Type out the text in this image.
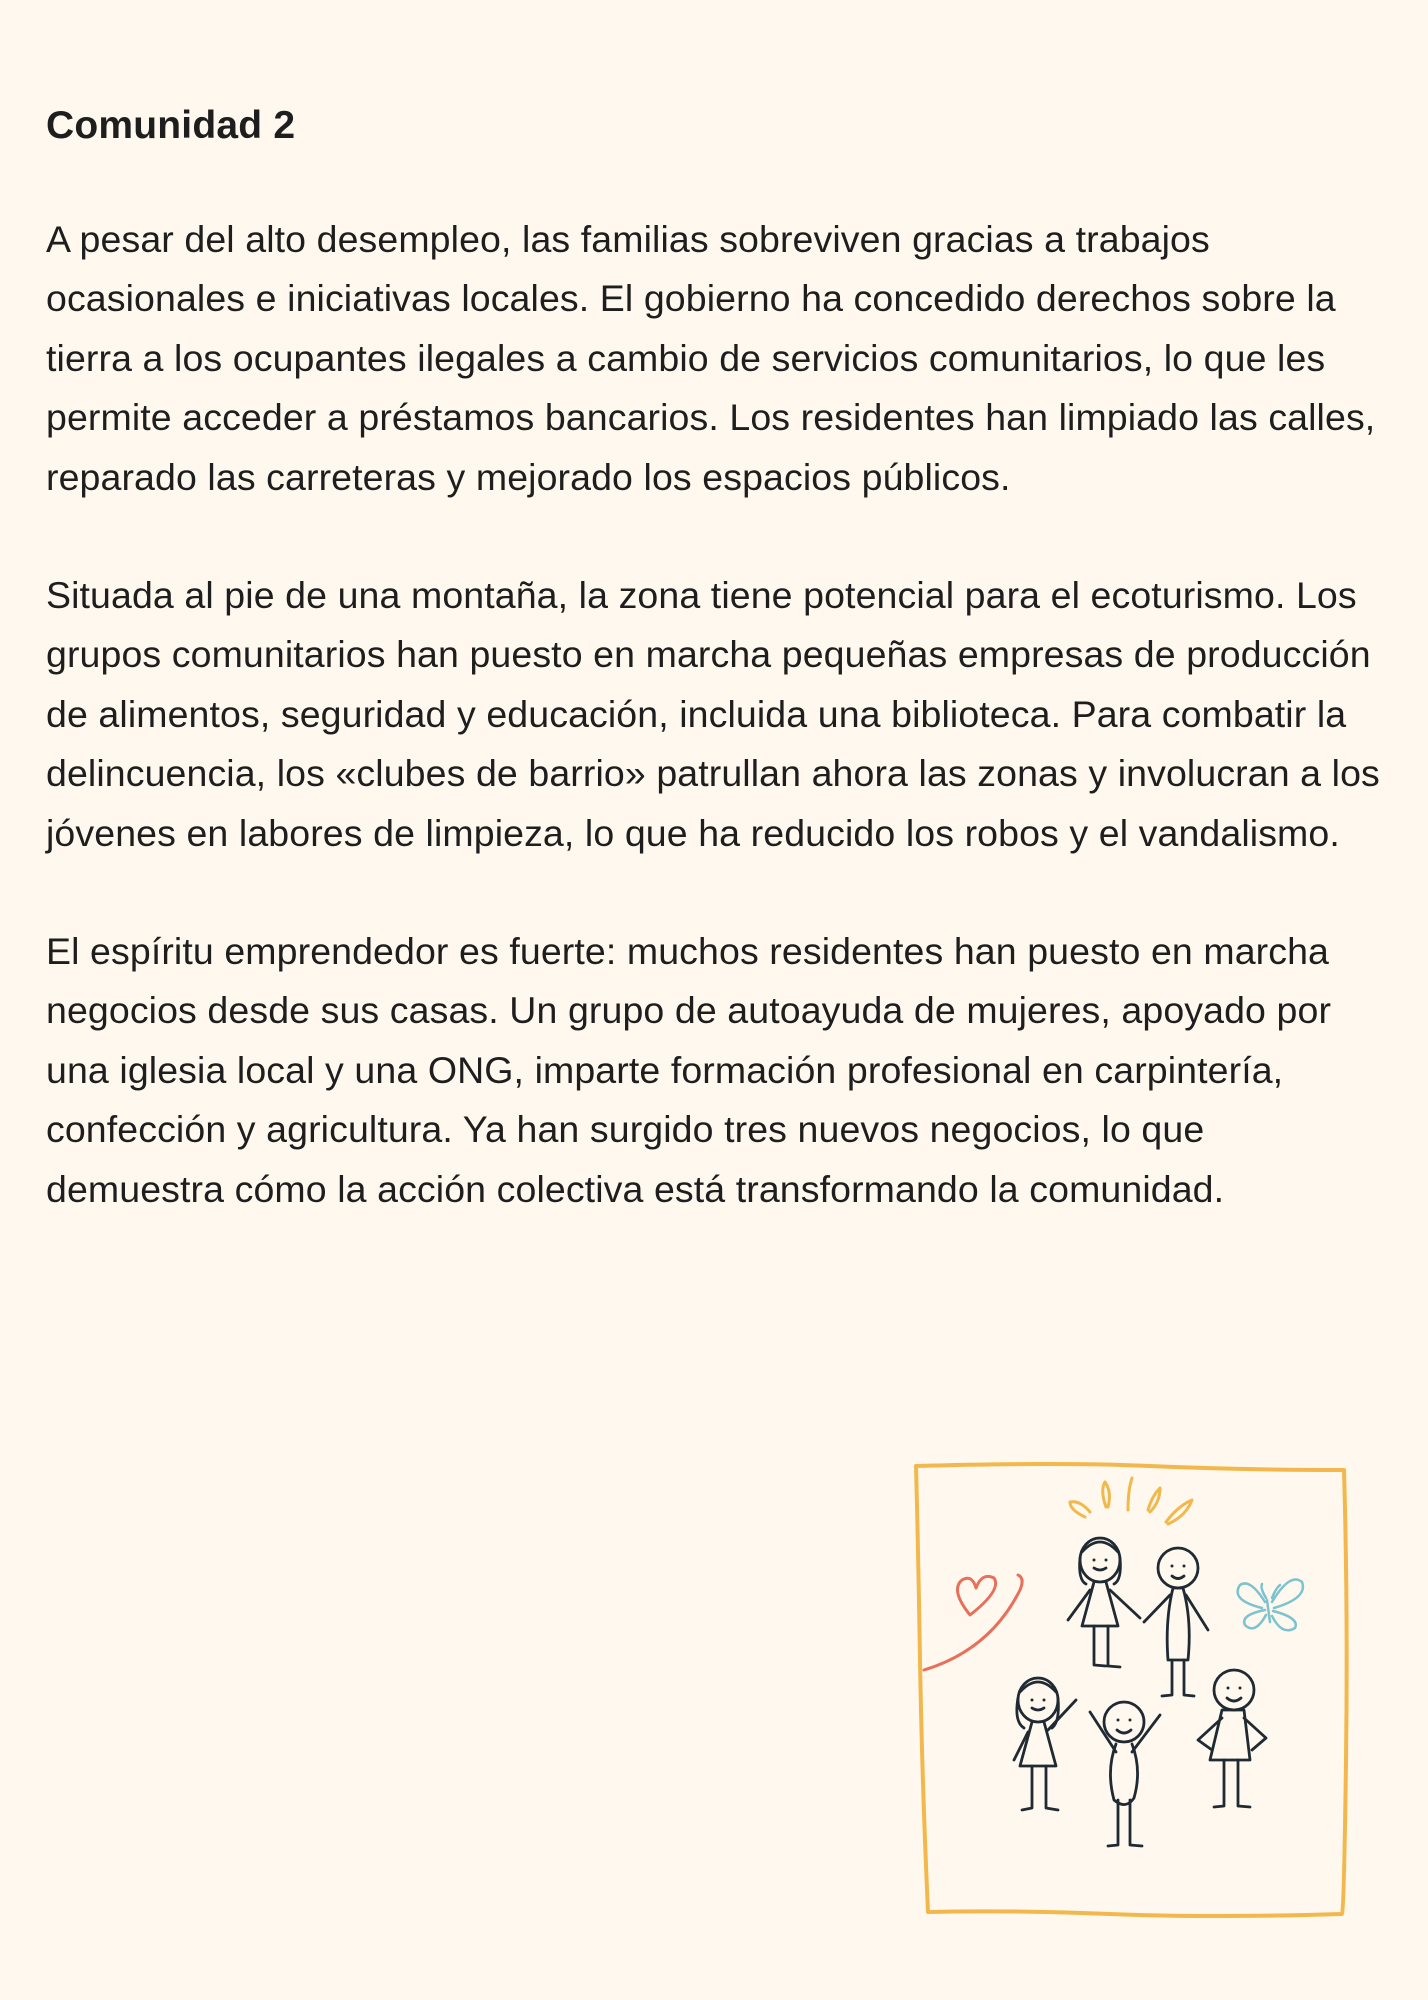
Comunidad 2

A pesar del alto desempleo, las familias sobreviven gracias a trabajos ocasionales e iniciativas locales. El gobierno ha concedido derechos sobre la tierra a los ocupantes ilegales a cambio de servicios comunitarios, lo que les permite acceder a préstamos bancarios. Los residentes han limpiado las calles, reparado las carreteras y mejorado los espacios públicos.

Situada al pie de una montaña, la zona tiene potencial para el ecoturismo. Los grupos comunitarios han puesto en marcha pequeñas empresas de producción de alimentos, seguridad y educación, incluida una biblioteca. Para combatir la delincuencia, los «clubes de barrio» patrullan ahora las zonas y involucran a los jóvenes en labores de limpieza, lo que ha reducido los robos y el vandalismo.

El espíritu emprendedor es fuerte: muchos residentes han puesto en marcha negocios desde sus casas. Un grupo de autoayuda de mujeres, apoyado por una iglesia local y una ONG, imparte formación profesional en carpintería, confección y agricultura. Ya han surgido tres nuevos negocios, lo que demuestra cómo la acción colectiva está transformando la comunidad.
